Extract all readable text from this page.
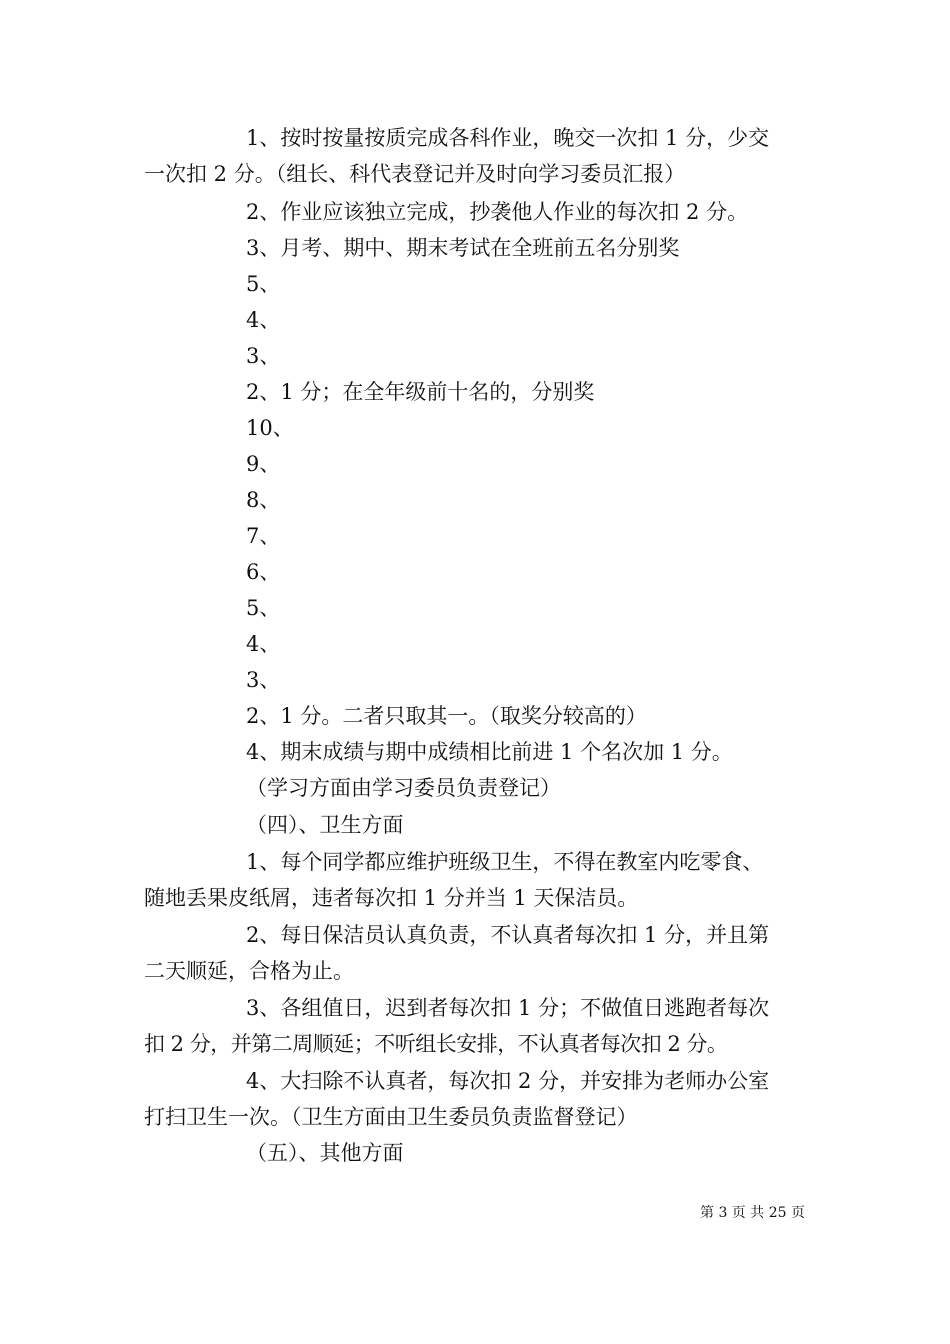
1、按时按量按质完成各科作业，晚交一次扣 1 分，少交
一次扣 2 分。（组长、科代表登记并及时向学习委员汇报）
2、作业应该独立完成，抄袭他人作业的每次扣 2 分。
3、月考、期中、期末考试在全班前五名分别奖
5、
4、
3、
2、1 分；在全年级前十名的，分别奖
10、
9、
8、
7、
6、
5、
4、
3、
2、1 分。二者只取其一。（取奖分较高的）
4、期末成绩与期中成绩相比前进 1 个名次加 1 分。
（学习方面由学习委员负责登记）
（四）、卫生方面
1、每个同学都应维护班级卫生，不得在教室内吃零食、
随地丢果皮纸屑，违者每次扣 1 分并当 1 天保洁员。
2、每日保洁员认真负责，不认真者每次扣 1 分，并且第
二天顺延，合格为止。
3、各组值日，迟到者每次扣 1 分；不做值日逃跑者每次
扣 2 分，并第二周顺延；不听组长安排，不认真者每次扣 2 分。
4、大扫除不认真者，每次扣 2 分，并安排为老师办公室
打扫卫生一次。（卫生方面由卫生委员负责监督登记）
（五）、其他方面
第 3 页 共 25 页
